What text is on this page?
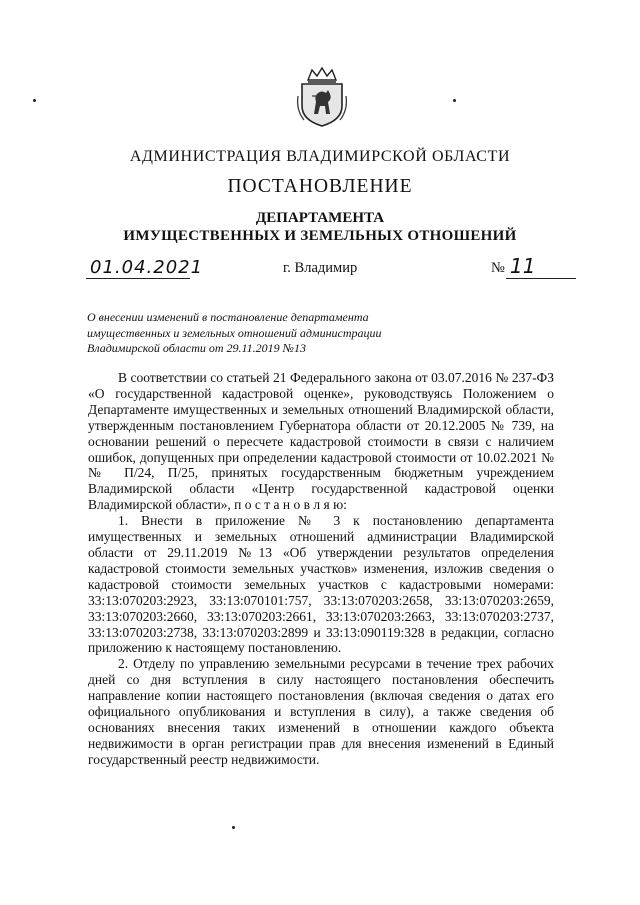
АДМИНИСТРАЦИЯ ВЛАДИМИРСКОЙ ОБЛАСТИ
ПОСТАНОВЛЕНИЕ
ДЕПАРТАМЕНТА
ИМУЩЕСТВЕННЫХ И ЗЕМЕЛЬНЫХ ОТНОШЕНИЙ
01.04.2021	г. Владимир	№ 11
О внесении изменений в постановление департамента имущественных и земельных отношений администрации Владимирской области от 29.11.2019 №13

В соответствии со статьей 21 Федерального закона от 03.07.2016 № 237-ФЗ «О государственной кадастровой оценке», руководствуясь Положением о Департаменте имущественных и земельных отношений Владимирской области, утвержденным постановлением Губернатора области от 20.12.2005 № 739, на основании решений о пересчете кадастровой стоимости в связи с наличием ошибок, допущенных при определении кадастровой стоимости от 10.02.2021 №№ П/24, П/25, принятых государственным бюджетным учреждением Владимирской области «Центр государственной кадастровой оценки Владимирской области», п о с т а н о в л я ю:

1. Внести в приложение № 3 к постановлению департамента имущественных и земельных отношений администрации Владимирской области от 29.11.2019 №13 «Об утверждении результатов определения кадастровой стоимости земельных участков» изменения, изложив сведения о кадастровой стоимости земельных участков с кадастровыми номерами: 33:13:070203:2923, 33:13:070101:757, 33:13:070203:2658, 33:13:070203:2659, 33:13:070203:2660, 33:13:070203:2661, 33:13:070203:2663, 33:13:070203:2737, 33:13:070203:2738, 33:13:070203:2899 и 33:13:090119:328 в редакции, согласно приложению к настоящему постановлению.

2. Отделу по управлению земельными ресурсами в течение трех рабочих дней со дня вступления в силу настоящего постановления обеспечить направление копии настоящего постановления (включая сведения о датах его официального опубликования и вступления в силу), а также сведения об основаниях внесения таких изменений в отношении каждого объекта недвижимости в орган регистрации прав для внесения изменений в Единый государственный реестр недвижимости.
